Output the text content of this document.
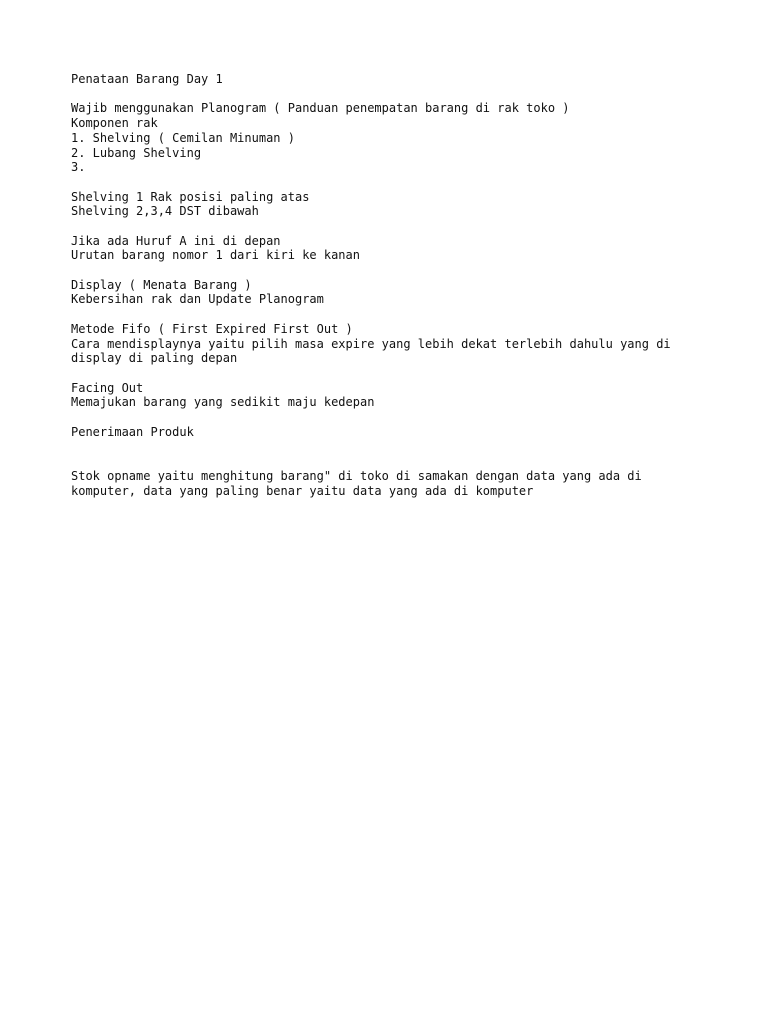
Penataan Barang Day 1
Wajib menggunakan Planogram ( Panduan penempatan barang di rak toko )
Komponen rak
1. Shelving ( Cemilan Minuman )
2. Lubang Shelving
3.
Shelving 1 Rak posisi paling atas
Shelving 2,3,4 DST dibawah
Jika ada Huruf A ini di depan
Urutan barang nomor 1 dari kiri ke kanan
Display ( Menata Barang )
Kebersihan rak dan Update Planogram
Metode Fifo ( First Expired First Out )
Cara mendisplaynya yaitu pilih masa expire yang lebih dekat terlebih dahulu yang di
display di paling depan
Facing Out
Memajukan barang yang sedikit maju kedepan
Penerimaan Produk
Stok opname yaitu menghitung barang" di toko di samakan dengan data yang ada di
komputer, data yang paling benar yaitu data yang ada di komputer
